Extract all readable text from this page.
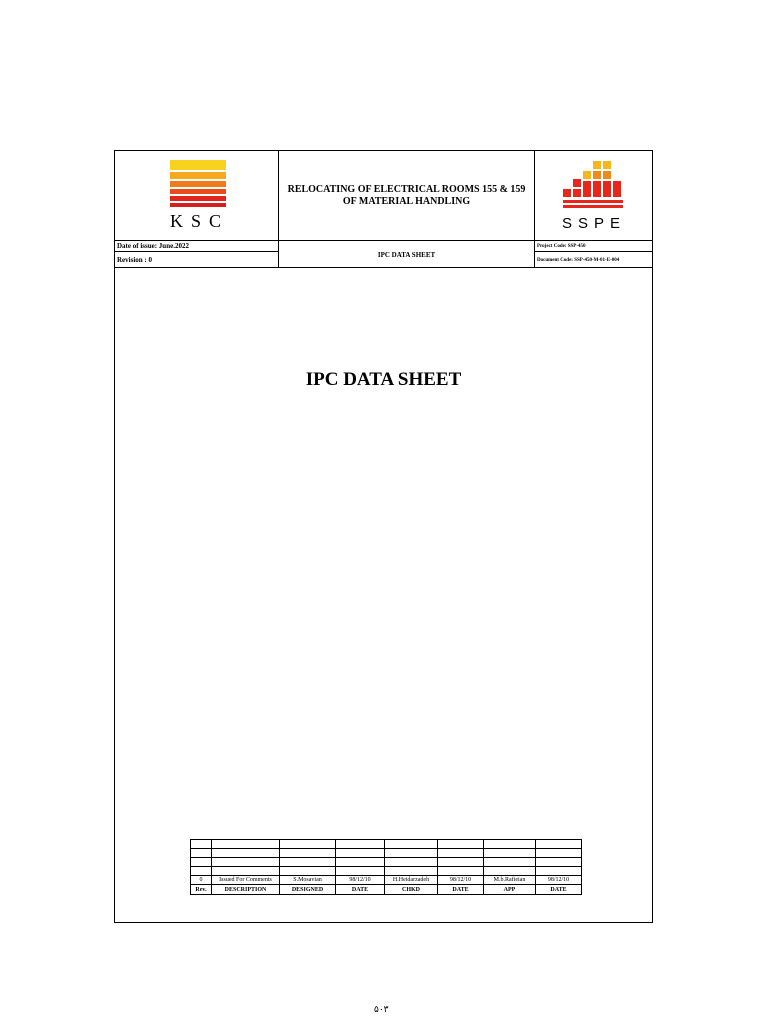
KSC
RELOCATING OF ELECTRICAL ROOMS 155 & 159
OF MATERIAL HANDLING
SSPE
Date of issue: June.2022
Revision : 0
IPC DATA SHEET
Project Code: SSP-450
Document Code: SSP-450-M-01-E-004
IPC DATA SHEET

0	Issued For Comments	S.Mosavian	98/12/10	H.Heidarzadeh	98/12/10	M.b.Rafieian	98/12/10
Rev.	DESCRIPTION	DESIGNED	DATE	CHKD	DATE	APP	DATE
۵۰۳
